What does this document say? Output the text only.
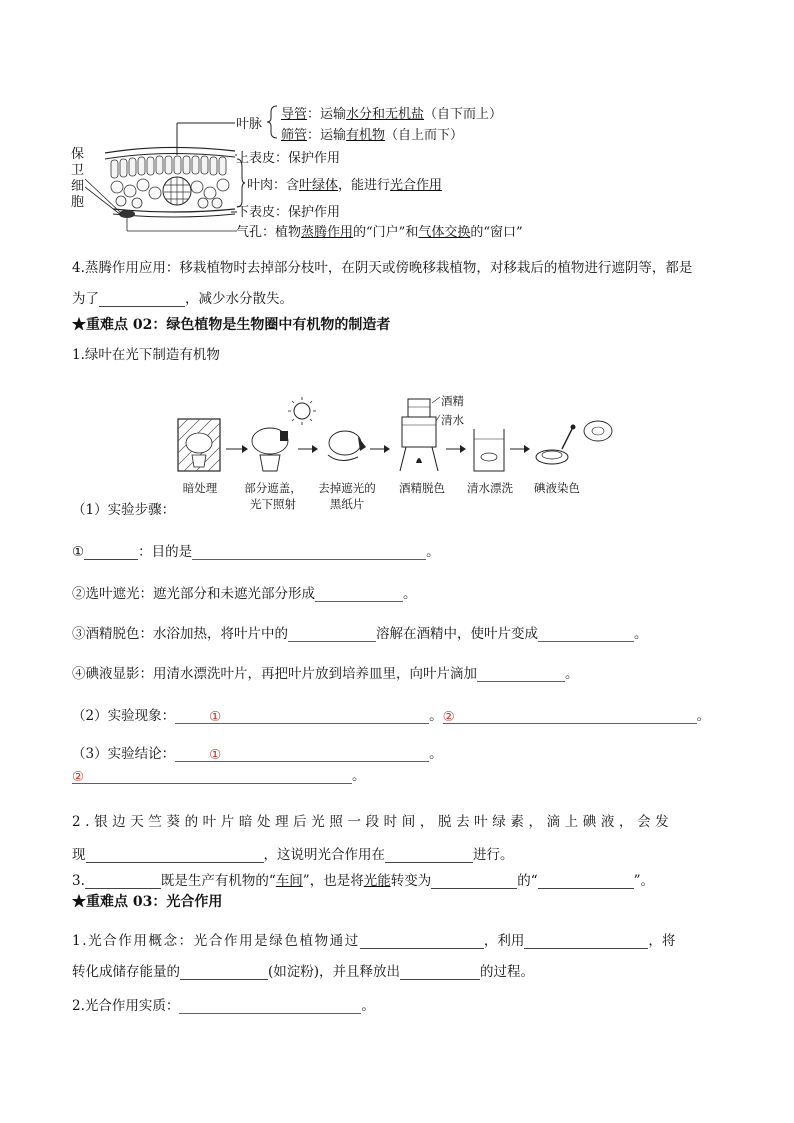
保
卫
细
胞
叶脉
导管：运输水分和无机盐（自下而上）
筛管：运输有机物（自上而下）
上表皮：保护作用
叶肉：含叶绿体，能进行光合作用
下表皮：保护作用
气孔：植物蒸腾作用的“门户”和气体交换的“窗口”
4.蒸腾作用应用：移栽植物时去掉部分枝叶，在阴天或傍晚移栽植物，对移栽后的植物进行遮阴等，都是
为了	，减少水分散失。
★重难点 02：绿色植物是生物圈中有机物的制造者
1.绿叶在光下制造有机物
酒精
清水
暗处理	部分遮盖，
光下照射
去掉遮光的
黑纸片
酒精脱色	清水漂洗	碘液染色
（1）实验步骤：
①	：目的是	。
②选叶遮光：遮光部分和未遮光部分形成	。
③酒精脱色：水浴加热，将叶片中的	溶解在酒精中，使叶片变成	。
④碘液显影：用清水漂洗叶片，再把叶片放到培养皿里，向叶片滴加	。
（2）实验现象：	①	。②	。
（3）实验结论：	①	。
②	。
2.银边天竺葵的叶片暗处理后光照一段时间，脱去叶绿素，滴上碘液，会发
现	，这说明光合作用在	进行。
3.	既是生产有机物的“车间”，也是将光能转变为	的“	”。
★重难点 03：光合作用
1.光合作用概念：光合作用是绿色植物通过	，利用	，将
转化成储存能量的	(如淀粉)，并且释放出	的过程。
2.光合作用实质：	。
